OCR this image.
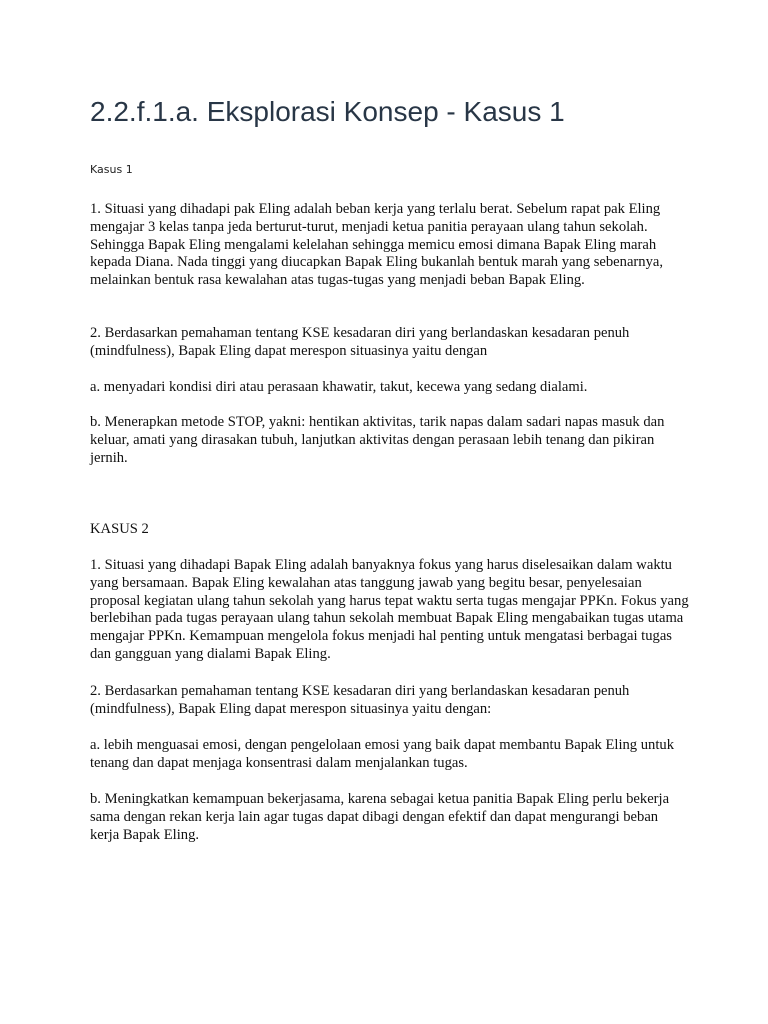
2.2.f.1.a. Eksplorasi Konsep - Kasus 1
Kasus 1

1. Situasi yang dihadapi pak Eling adalah beban kerja yang terlalu berat. Sebelum rapat pak Eling mengajar 3 kelas tanpa jeda berturut-turut, menjadi ketua panitia perayaan ulang tahun sekolah. Sehingga Bapak Eling mengalami kelelahan sehingga memicu emosi dimana Bapak Eling marah kepada Diana. Nada tinggi yang diucapkan Bapak Eling bukanlah bentuk marah yang sebenarnya, melainkan bentuk rasa kewalahan atas tugas-tugas yang menjadi beban Bapak Eling.

2. Berdasarkan pemahaman tentang KSE kesadaran diri yang berlandaskan kesadaran penuh (mindfulness), Bapak Eling dapat merespon situasinya yaitu dengan

a. menyadari kondisi diri atau perasaan khawatir, takut, kecewa yang sedang dialami.

b. Menerapkan metode STOP, yakni: hentikan aktivitas, tarik napas dalam sadari napas masuk dan keluar, amati yang dirasakan tubuh, lanjutkan aktivitas dengan perasaan lebih tenang dan pikiran jernih.

KASUS 2

1. Situasi yang dihadapi Bapak Eling adalah banyaknya fokus yang harus diselesaikan dalam waktu yang bersamaan. Bapak Eling kewalahan atas tanggung jawab yang begitu besar, penyelesaian proposal kegiatan ulang tahun sekolah yang harus tepat waktu serta tugas mengajar PPKn. Fokus yang berlebihan pada tugas perayaan ulang tahun sekolah membuat Bapak Eling mengabaikan tugas utama mengajar PPKn. Kemampuan mengelola fokus menjadi hal penting untuk mengatasi berbagai tugas dan gangguan yang dialami Bapak Eling.

2. Berdasarkan pemahaman tentang KSE kesadaran diri yang berlandaskan kesadaran penuh (mindfulness), Bapak Eling dapat merespon situasinya yaitu dengan:

a. lebih menguasai emosi, dengan pengelolaan emosi yang baik dapat membantu Bapak Eling untuk tenang dan dapat menjaga konsentrasi dalam menjalankan tugas.

b. Meningkatkan kemampuan bekerjasama, karena sebagai ketua panitia Bapak Eling perlu bekerja sama dengan rekan kerja lain agar tugas dapat dibagi dengan efektif dan dapat mengurangi beban kerja Bapak Eling.
